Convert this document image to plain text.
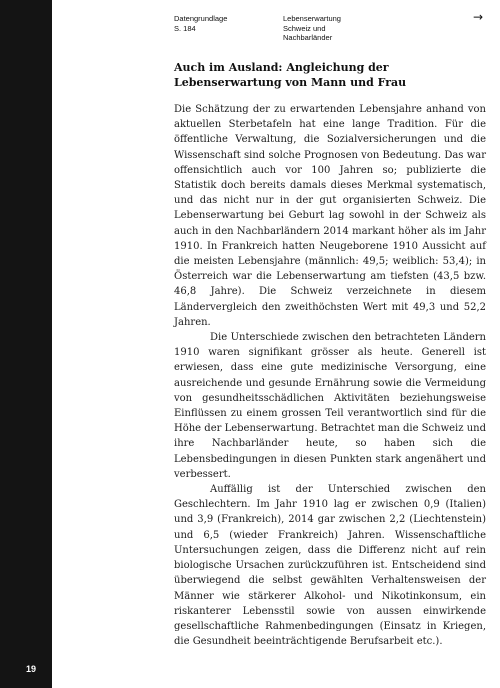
19
Datengrundlage
S. 184
Lebenserwartung
Schweiz und
Nachbarländer
→
Auch im Ausland: Angleichung der Lebenserwartung von Mann und Frau

Die Schätzung der zu erwartenden Lebensjahre anhand von aktuellen Sterbetafeln hat eine lange Tradition. Für die öffentliche Verwaltung, die Sozialversicherungen und die Wissenschaft sind solche Prognosen von Bedeutung. Das war offensichtlich auch vor 100 Jahren so; publizierte die Statistik doch bereits damals dieses Merkmal systematisch, und das nicht nur in der gut organisierten Schweiz. Die Lebenserwartung bei Geburt lag sowohl in der Schweiz als auch in den Nachbarländern 2014 markant höher als im Jahr 1910. In Frankreich hatten Neugeborene 1910 Aussicht auf die meisten Lebensjahre (männlich: 49,5; weiblich: 53,4); in Österreich war die Lebenserwartung am tiefsten (43,5 bzw. 46,8 Jahre). Die Schweiz verzeichnete in diesem Ländervergleich den zweithöchsten Wert mit 49,3 und 52,2 Jahren.

Die Unterschiede zwischen den betrachteten Ländern 1910 waren signifikant grösser als heute. Generell ist erwiesen, dass eine gute medizinische Versorgung, eine ausreichende und gesunde Ernährung sowie die Vermeidung von gesundheitsschädlichen Aktivitäten beziehungsweise Einflüssen zu einem grossen Teil verantwortlich sind für die Höhe der Lebenserwartung. Betrachtet man die Schweiz und ihre Nachbarländer heute, so haben sich die Lebensbedingungen in diesen Punkten stark angenähert und verbessert.

Auffällig ist der Unterschied zwischen den Geschlechtern. Im Jahr 1910 lag er zwischen 0,9 (Italien) und 3,9 (Frankreich), 2014 gar zwischen 2,2 (Liechtenstein) und 6,5 (wieder Frankreich) Jahren. Wissenschaftliche Untersuchungen zeigen, dass die Differenz nicht auf rein biologische Ursachen zurückzuführen ist. Entscheidend sind überwiegend die selbst gewählten Verhaltensweisen der Männer wie stärkerer Alkohol- und Nikotinkonsum, ein riskanterer Lebensstil sowie von aussen einwirkende gesellschaftliche Rahmenbedingungen (Einsatz in Kriegen, die Gesundheit beeinträchtigende Berufsarbeit etc.).
